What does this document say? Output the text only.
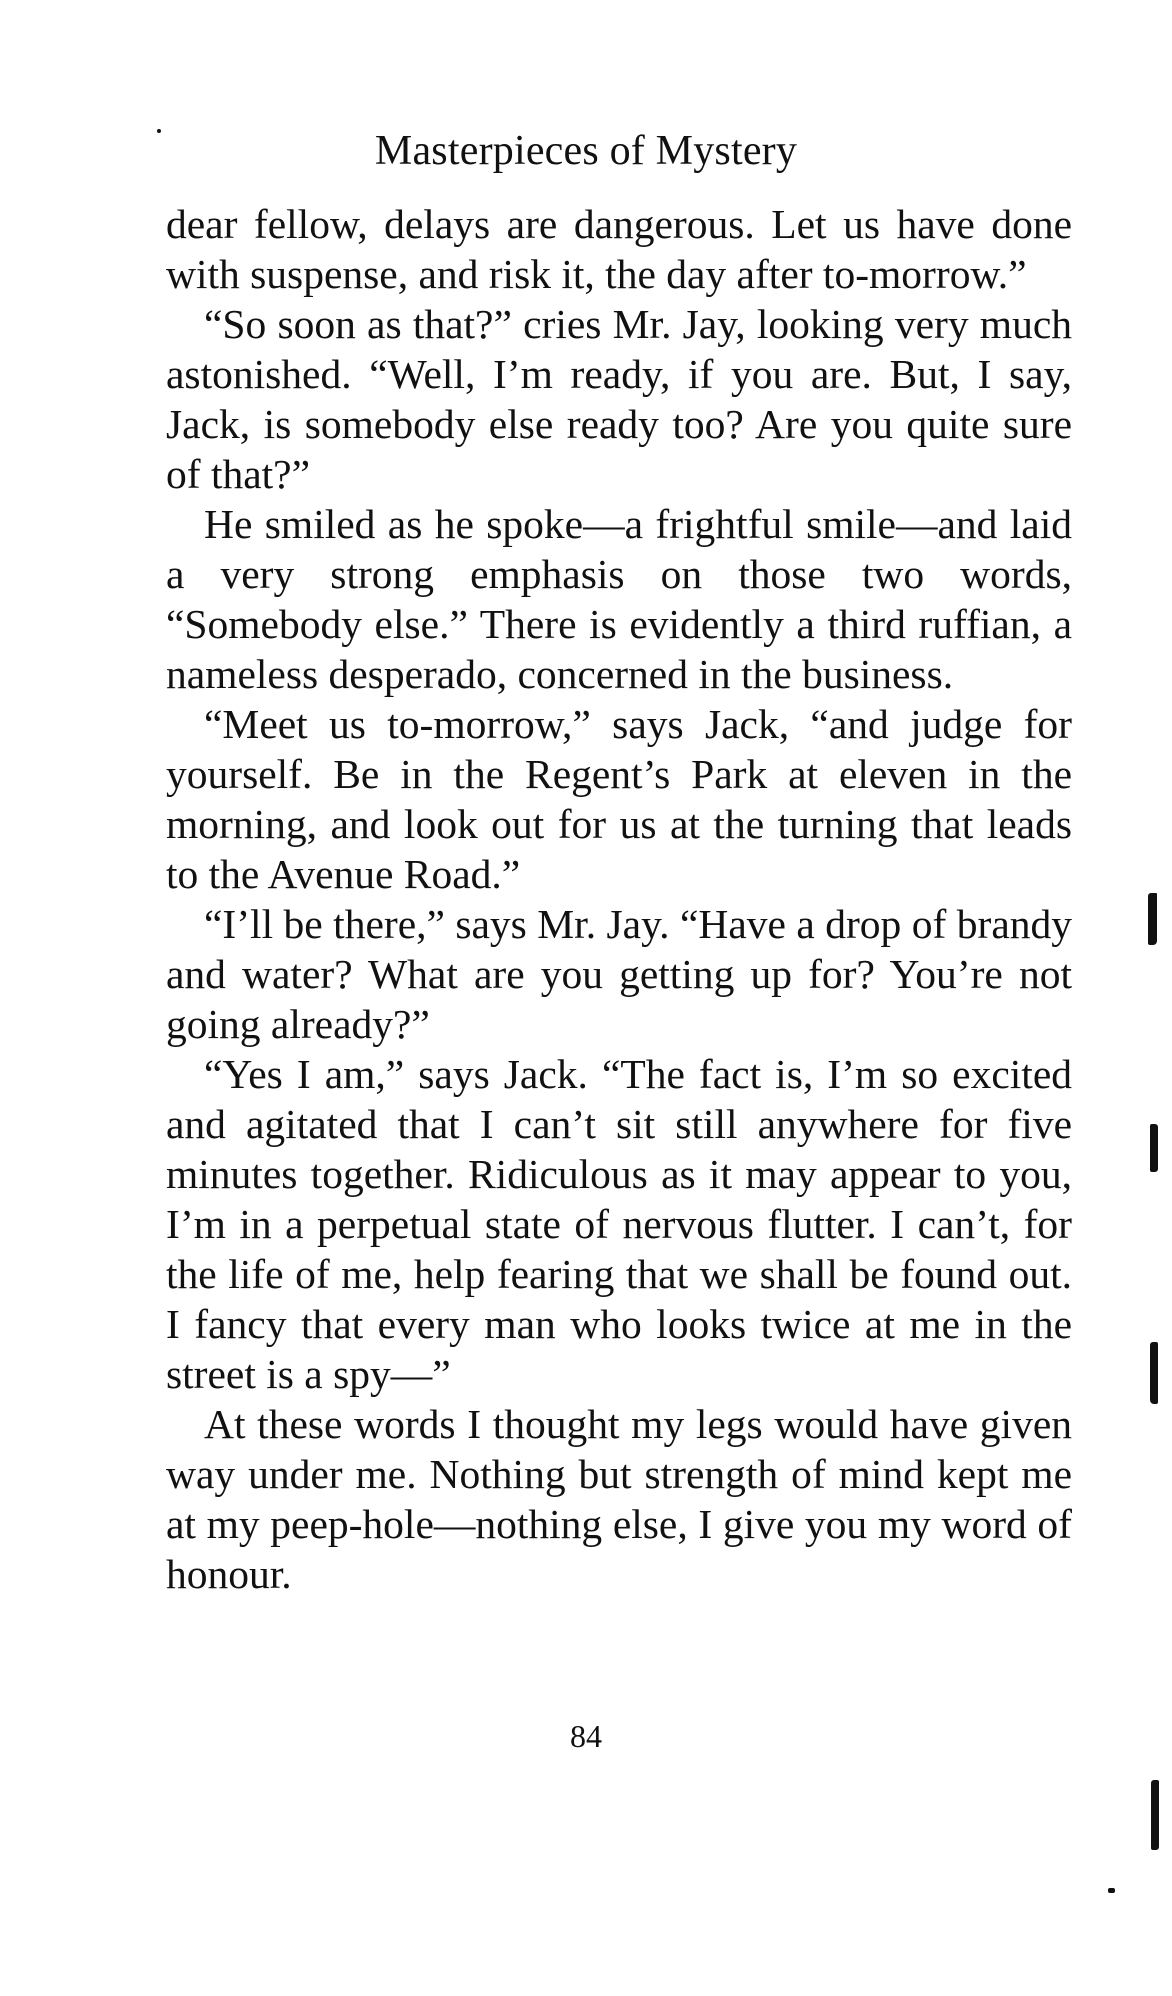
Masterpieces of Mystery

dear fellow, delays are dangerous. Let us have done with suspense, and risk it, the day after to-morrow.”

“So soon as that?” cries Mr. Jay, looking very much astonished. “Well, I’m ready, if you are. But, I say, Jack, is somebody else ready too? Are you quite sure of that?”

He smiled as he spoke—a frightful smile—and laid a very strong emphasis on those two words, “Somebody else.” There is evidently a third ruffian, a nameless desperado, concerned in the business.

“Meet us to-morrow,” says Jack, “and judge for yourself. Be in the Regent’s Park at eleven in the morning, and look out for us at the turning that leads to the Avenue Road.”

“I’ll be there,” says Mr. Jay. “Have a drop of brandy and water? What are you getting up for? You’re not going already?”

“Yes I am,” says Jack. “The fact is, I’m so excited and agitated that I can’t sit still anywhere for five minutes together. Ridiculous as it may appear to you, I’m in a perpetual state of nervous flutter. I can’t, for the life of me, help fearing that we shall be found out. I fancy that every man who looks twice at me in the street is a spy—”

At these words I thought my legs would have given way under me. Nothing but strength of mind kept me at my peep-hole—nothing else, I give you my word of honour.

84
